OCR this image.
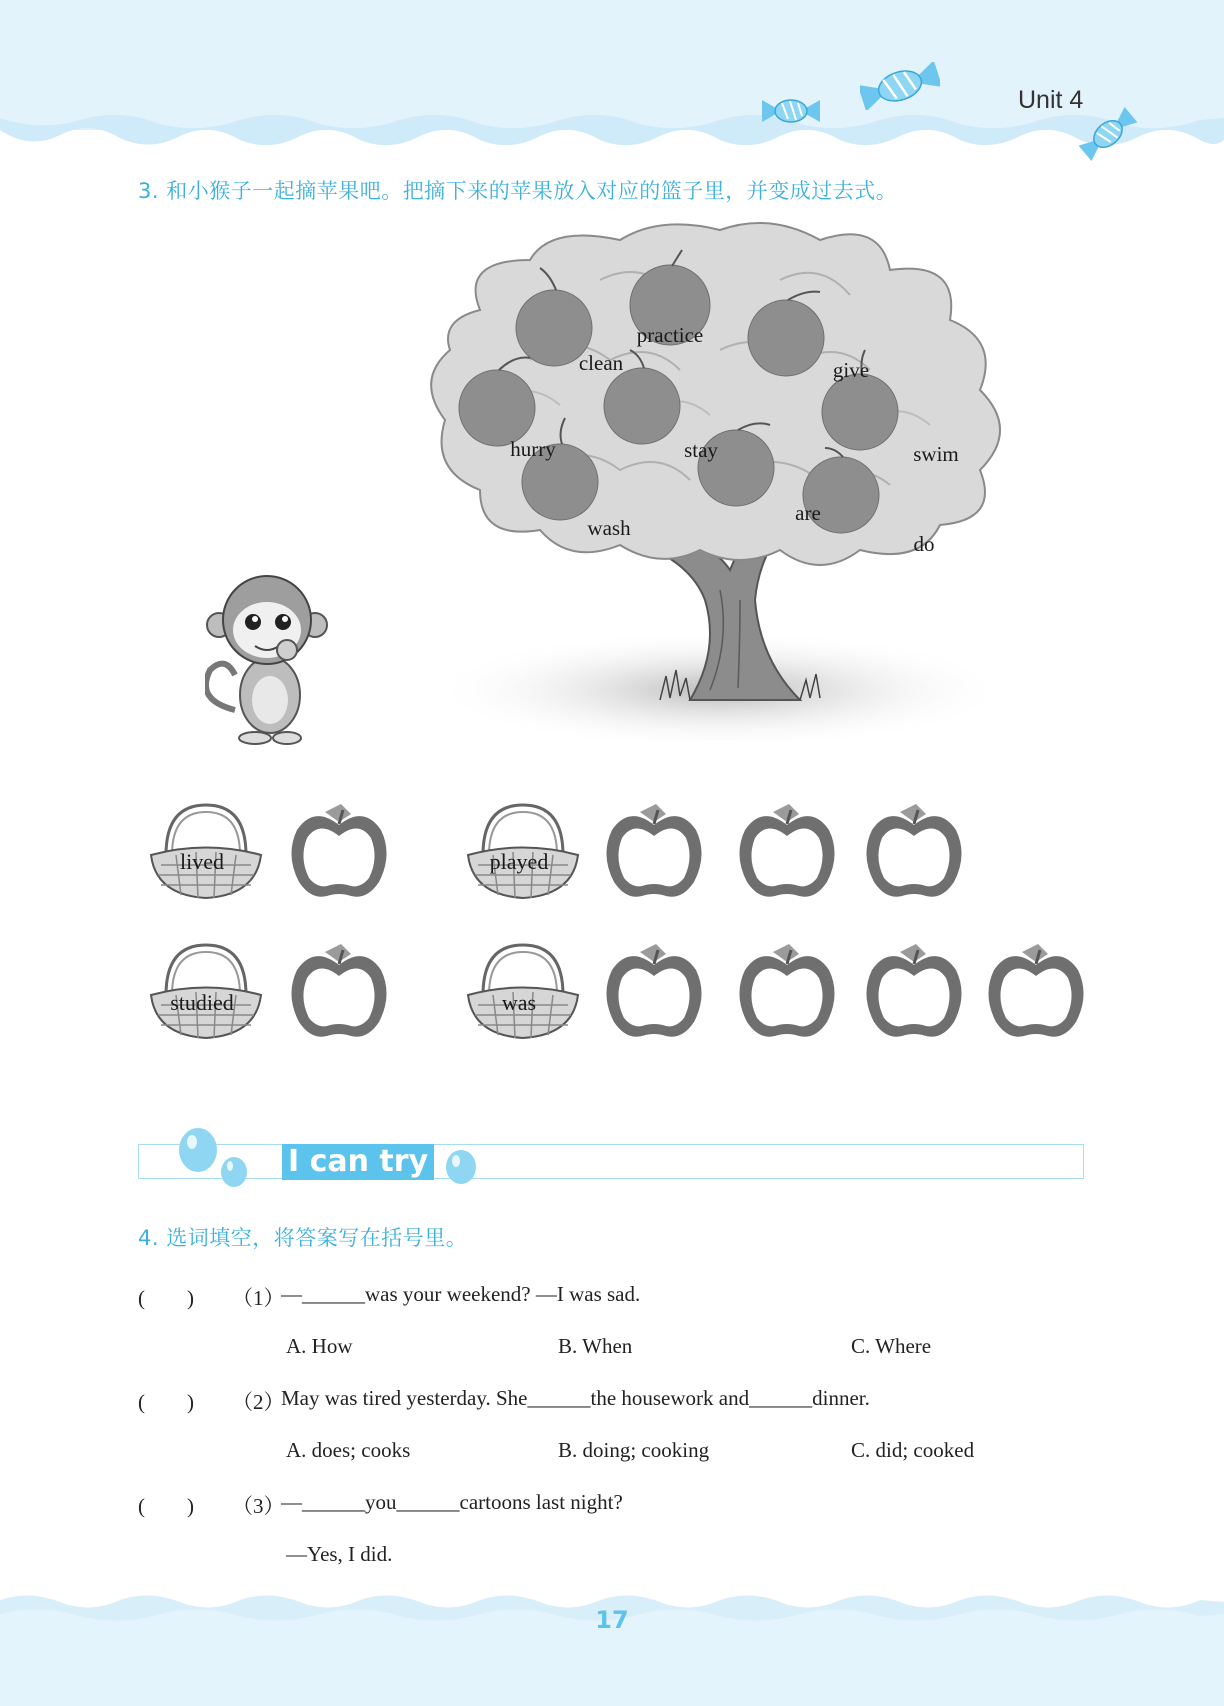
Unit 4
3. 和小猴子一起摘苹果吧。把摘下来的苹果放入对应的篮子里，并变成过去式。
practice
clean	give
hurry	stay	swim
wash
are
do
lived	played
studied	was
I can try
4. 选词填空，将答案写在括号里。
(　　) （1）
—______was your weekend? —I was sad.
A. How	B. When	C. Where
(　　) （2）
May was tired yesterday. She______the housework and______dinner.
A. does; cooks	B. doing; cooking	C. did; cooked
(　　) （3）
—______you______cartoons last night?
—Yes, I did.
17
